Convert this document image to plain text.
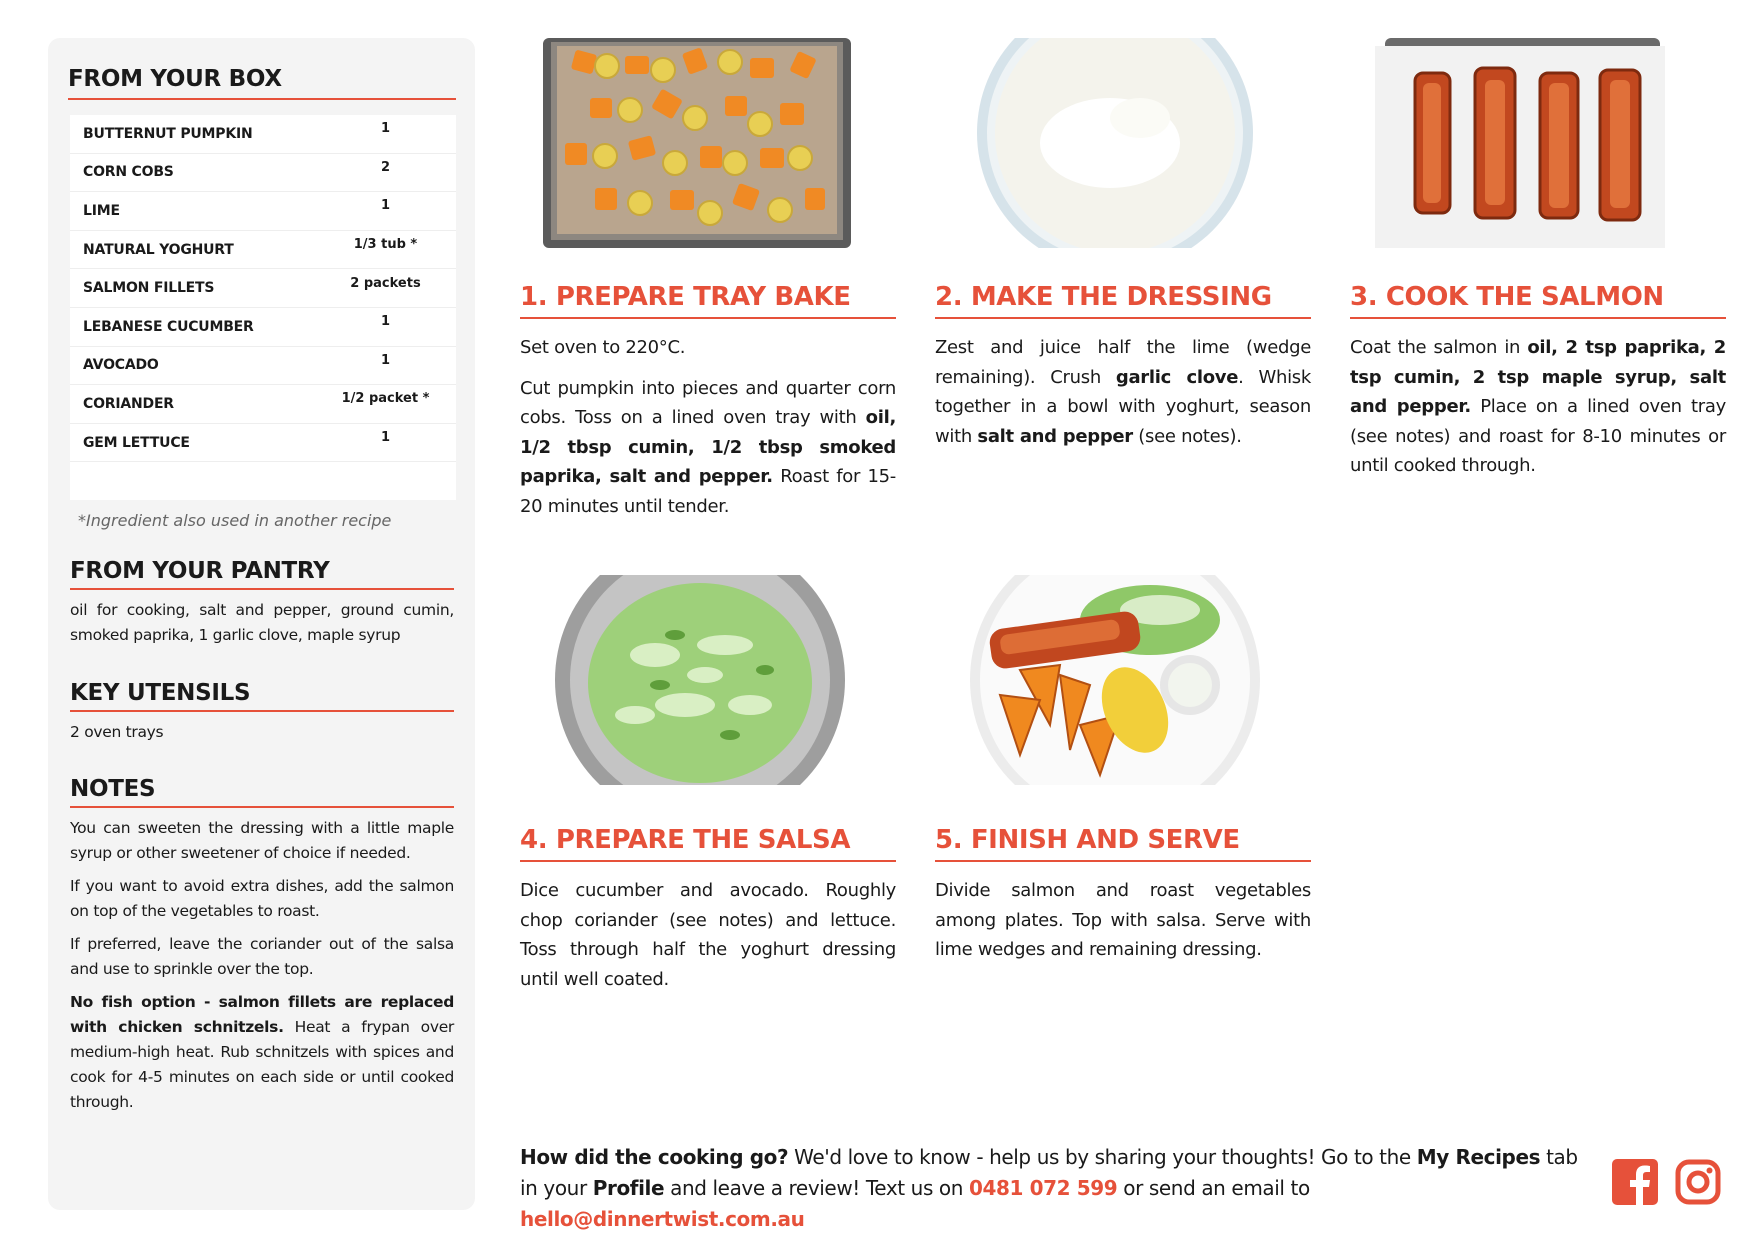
FROM YOUR BOX
BUTTERNUT PUMPKIN	1
CORN COBS	2
LIME	1
NATURAL YOGHURT	1/3 tub *
SALMON FILLETS	2 packets
LEBANESE CUCUMBER	1
AVOCADO	1
CORIANDER	1/2 packet *
GEM LETTUCE	1
*Ingredient also used in another recipe
FROM YOUR PANTRY
oil for cooking, salt and pepper, ground cumin, smoked paprika, 1 garlic clove, maple syrup
KEY UTENSILS
2 oven trays
NOTES
You can sweeten the dressing with a little maple syrup or other sweetener of choice if needed.
If you want to avoid extra dishes, add the salmon on top of the vegetables to roast.
If preferred, leave the coriander out of the salsa and use to sprinkle over the top.
No fish option - salmon fillets are replaced with chicken schnitzels. Heat a frypan over medium-high heat. Rub schnitzels with spices and cook for 4-5 minutes on each side or until cooked through.
1. PREPARE TRAY BAKE

Set oven to 220°C.

Cut pumpkin into pieces and quarter corn cobs. Toss on a lined oven tray with oil, 1/2 tbsp cumin, 1/2 tbsp smoked paprika, salt and pepper. Roast for 15-20 minutes until tender.

2. MAKE THE DRESSING

Zest and juice half the lime (wedge remaining). Crush garlic clove. Whisk together in a bowl with yoghurt, season with salt and pepper (see notes).

3. COOK THE SALMON

Coat the salmon in oil, 2 tsp paprika, 2 tsp cumin, 2 tsp maple syrup, salt and pepper. Place on a lined oven tray (see notes) and roast for 8-10 minutes or until cooked through.

4. PREPARE THE SALSA

Dice cucumber and avocado. Roughly chop coriander (see notes) and lettuce. Toss through half the yoghurt dressing until well coated.

5. FINISH AND SERVE

Divide salmon and roast vegetables among plates. Top with salsa. Serve with lime wedges and remaining dressing.

How did the cooking go? We'd love to know - help us by sharing your thoughts! Go to the My Recipes tab in your Profile and leave a review! Text us on 0481 072 599 or send an email to hello@dinnertwist.com.au
